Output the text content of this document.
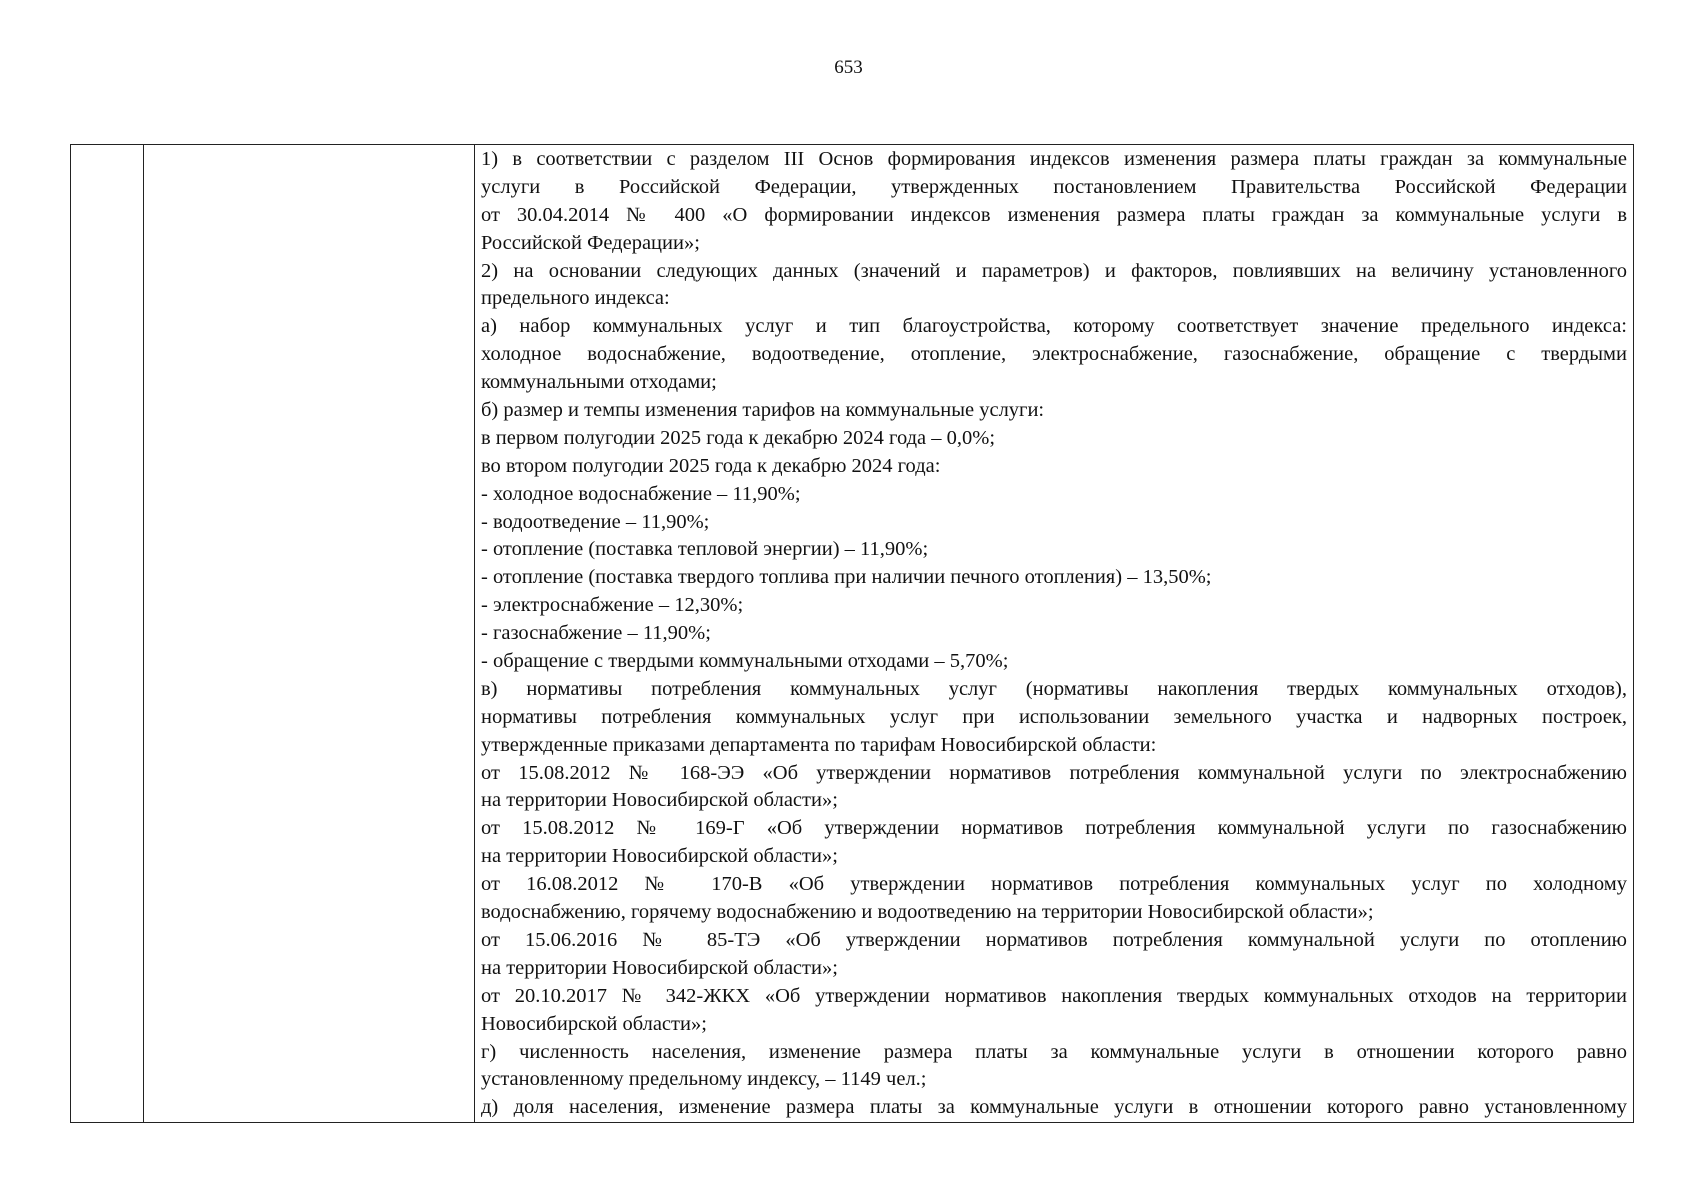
653
1) в соответствии с разделом III Основ формирования индексов изменения размера платы граждан за коммунальные
услуги в Российской Федерации, утвержденных постановлением Правительства Российской Федерации
от 30.04.2014 № 400 «О формировании индексов изменения размера платы граждан за коммунальные услуги в
Российской Федерации»;
2) на основании следующих данных (значений и параметров) и факторов, повлиявших на величину установленного
предельного индекса:
а) набор коммунальных услуг и тип благоустройства, которому соответствует значение предельного индекса:
холодное водоснабжение, водоотведение, отопление, электроснабжение, газоснабжение, обращение с твердыми
коммунальными отходами;
б) размер и темпы изменения тарифов на коммунальные услуги:
в первом полугодии 2025 года к декабрю 2024 года – 0,0%;
во втором полугодии 2025 года к декабрю 2024 года:
- холодное водоснабжение – 11,90%;
- водоотведение – 11,90%;
- отопление (поставка тепловой энергии) – 11,90%;
- отопление (поставка твердого топлива при наличии печного отопления) – 13,50%;
- электроснабжение – 12,30%;
- газоснабжение – 11,90%;
- обращение с твердыми коммунальными отходами – 5,70%;
в) нормативы потребления коммунальных услуг (нормативы накопления твердых коммунальных отходов),
нормативы потребления коммунальных услуг при использовании земельного участка и надворных построек,
утвержденные приказами департамента по тарифам Новосибирской области:
от 15.08.2012 № 168-ЭЭ «Об утверждении нормативов потребления коммунальной услуги по электроснабжению
на территории Новосибирской области»;
от 15.08.2012 № 169-Г «Об утверждении нормативов потребления коммунальной услуги по газоснабжению
на территории Новосибирской области»;
от 16.08.2012 № 170-В «Об утверждении нормативов потребления коммунальных услуг по холодному
водоснабжению, горячему водоснабжению и водоотведению на территории Новосибирской области»;
от 15.06.2016 № 85-ТЭ «Об утверждении нормативов потребления коммунальной услуги по отоплению
на территории Новосибирской области»;
от 20.10.2017 № 342-ЖКХ «Об утверждении нормативов накопления твердых коммунальных отходов на территории
Новосибирской области»;
г) численность населения, изменение размера платы за коммунальные услуги в отношении которого равно
установленному предельному индексу, – 1149 чел.;
д) доля населения, изменение размера платы за коммунальные услуги в отношении которого равно установленному
